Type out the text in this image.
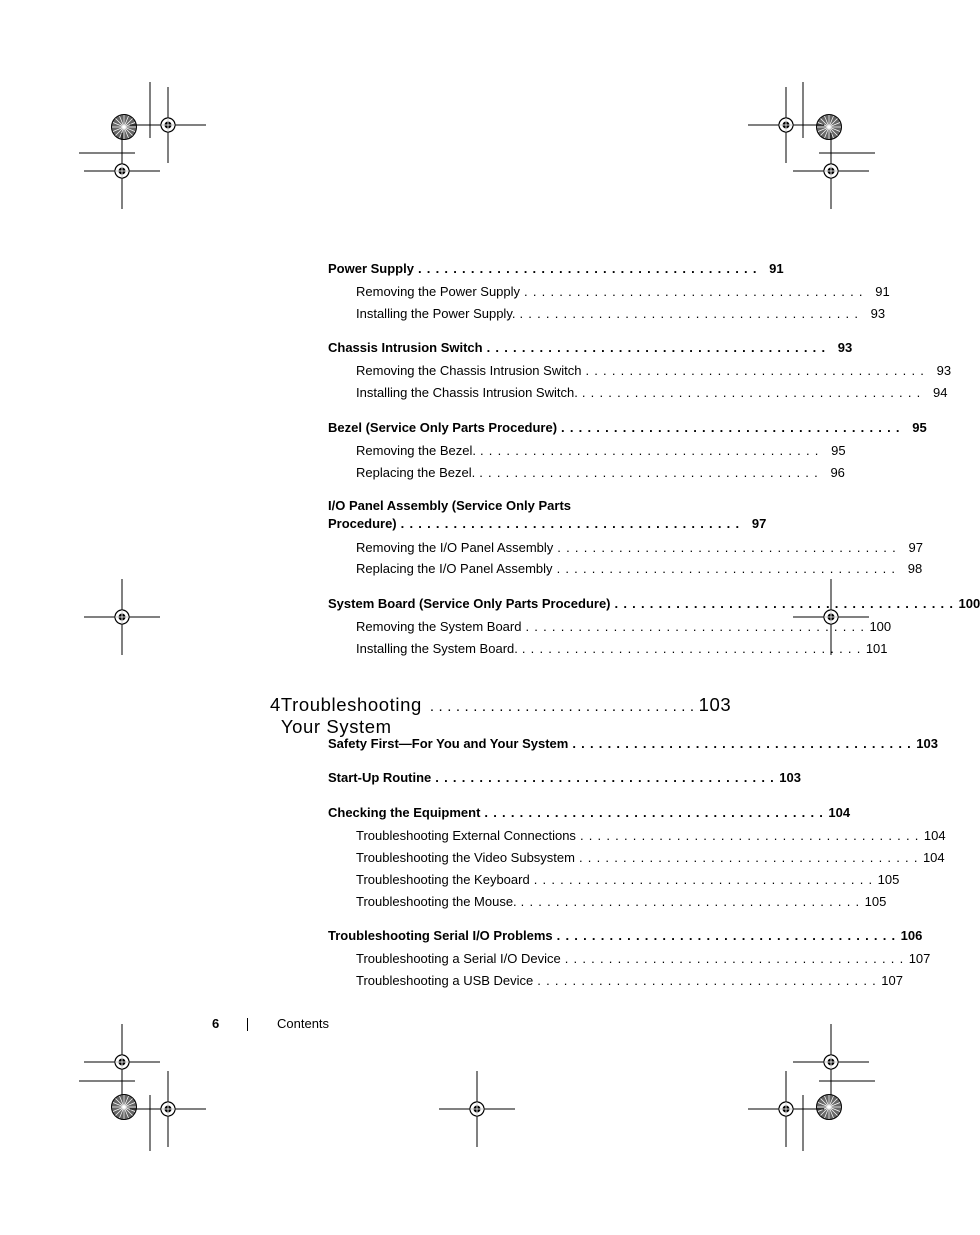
Power Supply ....................................... 91
Removing the Power Supply ....................................... 91
Installing the Power Supply. ....................................... 93
Chassis Intrusion Switch ....................................... 93
Removing the Chassis Intrusion Switch ....................................... 93
Installing the Chassis Intrusion Switch. ....................................... 94
Bezel (Service Only Parts Procedure) ....................................... 95
Removing the Bezel. ....................................... 95
Replacing the Bezel. ....................................... 96
I/O Panel Assembly (Service Only Parts
Procedure) ....................................... 97
Removing the I/O Panel Assembly ....................................... 97
Replacing the I/O Panel Assembly ....................................... 98
System Board (Service Only Parts Procedure) ....................................... 100
Removing the System Board ....................................... 100
Installing the System Board. ....................................... 101
4 Troubleshooting Your System
............................... 103
Safety First—For You and Your System ....................................... 103
Start-Up Routine ....................................... 103
Checking the Equipment ....................................... 104
Troubleshooting External Connections ....................................... 104
Troubleshooting the Video Subsystem ....................................... 104
Troubleshooting the Keyboard ....................................... 105
Troubleshooting the Mouse. ....................................... 105
Troubleshooting Serial I/O Problems ....................................... 106
Troubleshooting a Serial I/O Device ....................................... 107
Troubleshooting a USB Device ....................................... 107
6	Contents
